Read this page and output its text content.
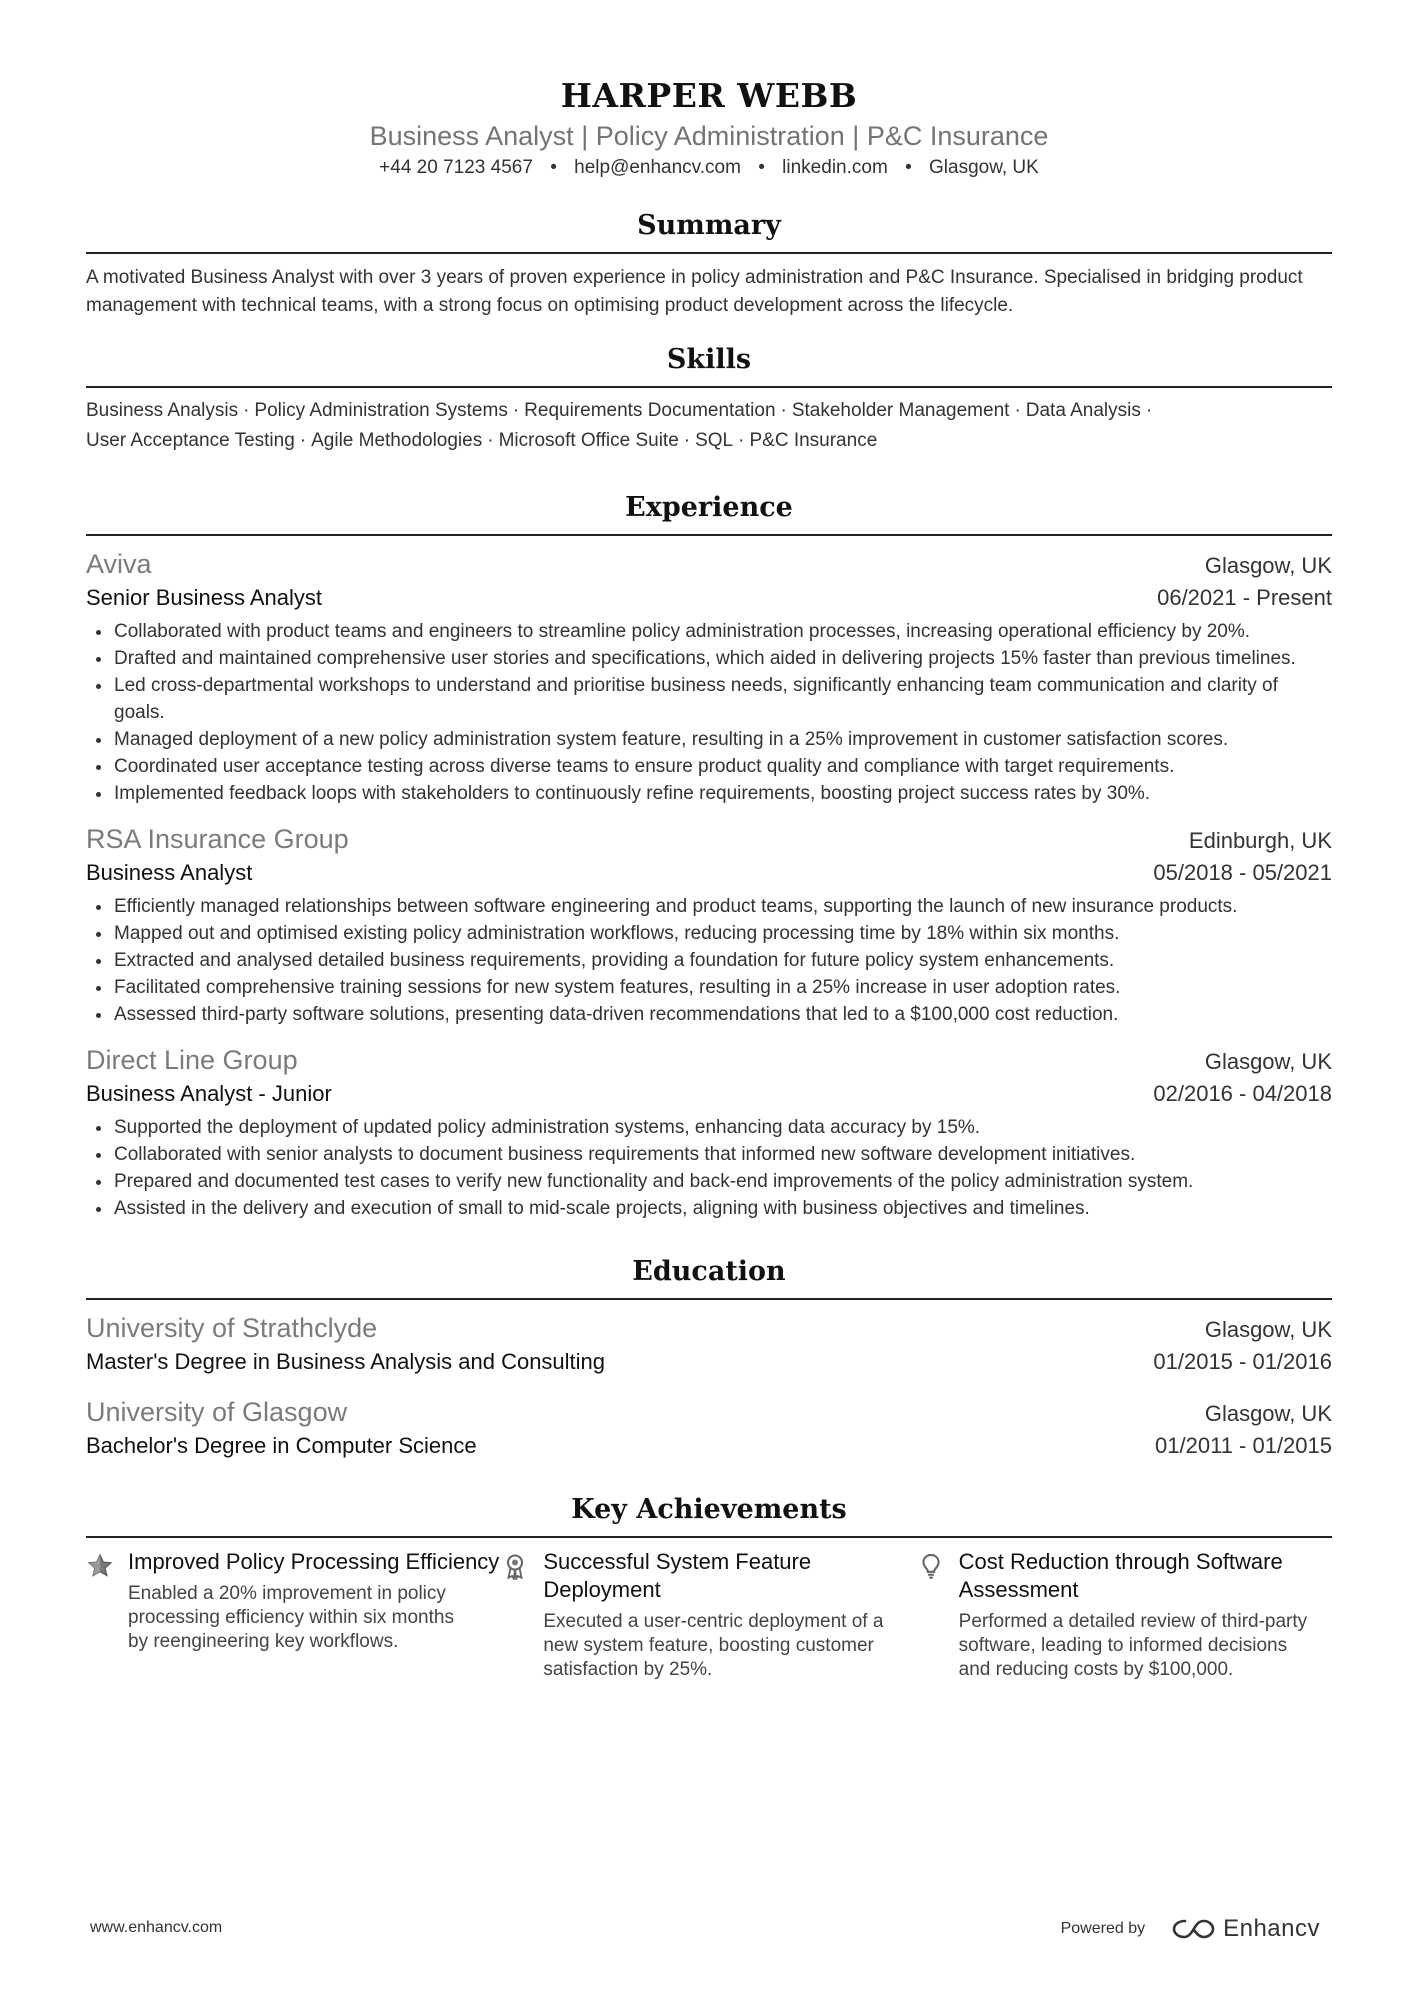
HARPER WEBB
Business Analyst | Policy Administration | P&C Insurance
+44 20 7123 4567 • help@enhancv.com • linkedin.com • Glasgow, UK
Summary
A motivated Business Analyst with over 3 years of proven experience in policy administration and P&C Insurance. Specialised in bridging product management with technical teams, with a strong focus on optimising product development across the lifecycle.
Skills
Business Analysis · Policy Administration Systems · Requirements Documentation · Stakeholder Management · Data Analysis ·
User Acceptance Testing · Agile Methodologies · Microsoft Office Suite · SQL · P&C Insurance
Experience
Aviva	Glasgow, UK
Senior Business Analyst	06/2021 - Present
Collaborated with product teams and engineers to streamline policy administration processes, increasing operational efficiency by 20%.
Drafted and maintained comprehensive user stories and specifications, which aided in delivering projects 15% faster than previous timelines.
Led cross-departmental workshops to understand and prioritise business needs, significantly enhancing team communication and clarity of goals.
Managed deployment of a new policy administration system feature, resulting in a 25% improvement in customer satisfaction scores.
Coordinated user acceptance testing across diverse teams to ensure product quality and compliance with target requirements.
Implemented feedback loops with stakeholders to continuously refine requirements, boosting project success rates by 30%.
RSA Insurance Group	Edinburgh, UK
Business Analyst	05/2018 - 05/2021
Efficiently managed relationships between software engineering and product teams, supporting the launch of new insurance products.
Mapped out and optimised existing policy administration workflows, reducing processing time by 18% within six months.
Extracted and analysed detailed business requirements, providing a foundation for future policy system enhancements.
Facilitated comprehensive training sessions for new system features, resulting in a 25% increase in user adoption rates.
Assessed third-party software solutions, presenting data-driven recommendations that led to a $100,000 cost reduction.
Direct Line Group	Glasgow, UK
Business Analyst - Junior	02/2016 - 04/2018
Supported the deployment of updated policy administration systems, enhancing data accuracy by 15%.
Collaborated with senior analysts to document business requirements that informed new software development initiatives.
Prepared and documented test cases to verify new functionality and back-end improvements of the policy administration system.
Assisted in the delivery and execution of small to mid-scale projects, aligning with business objectives and timelines.
Education
University of Strathclyde	Glasgow, UK
Master's Degree in Business Analysis and Consulting	01/2015 - 01/2016
University of Glasgow	Glasgow, UK
Bachelor's Degree in Computer Science	01/2011 - 01/2015
Key Achievements
Improved Policy Processing Efficiency
Enabled a 20% improvement in policy processing efficiency within six months by reengineering key workflows.
Successful System Feature Deployment
Executed a user-centric deployment of a new system feature, boosting customer satisfaction by 25%.
Cost Reduction through Software Assessment
Performed a detailed review of third-party software, leading to informed decisions and reducing costs by $100,000.
www.enhancv.com	Powered by	Enhancv
